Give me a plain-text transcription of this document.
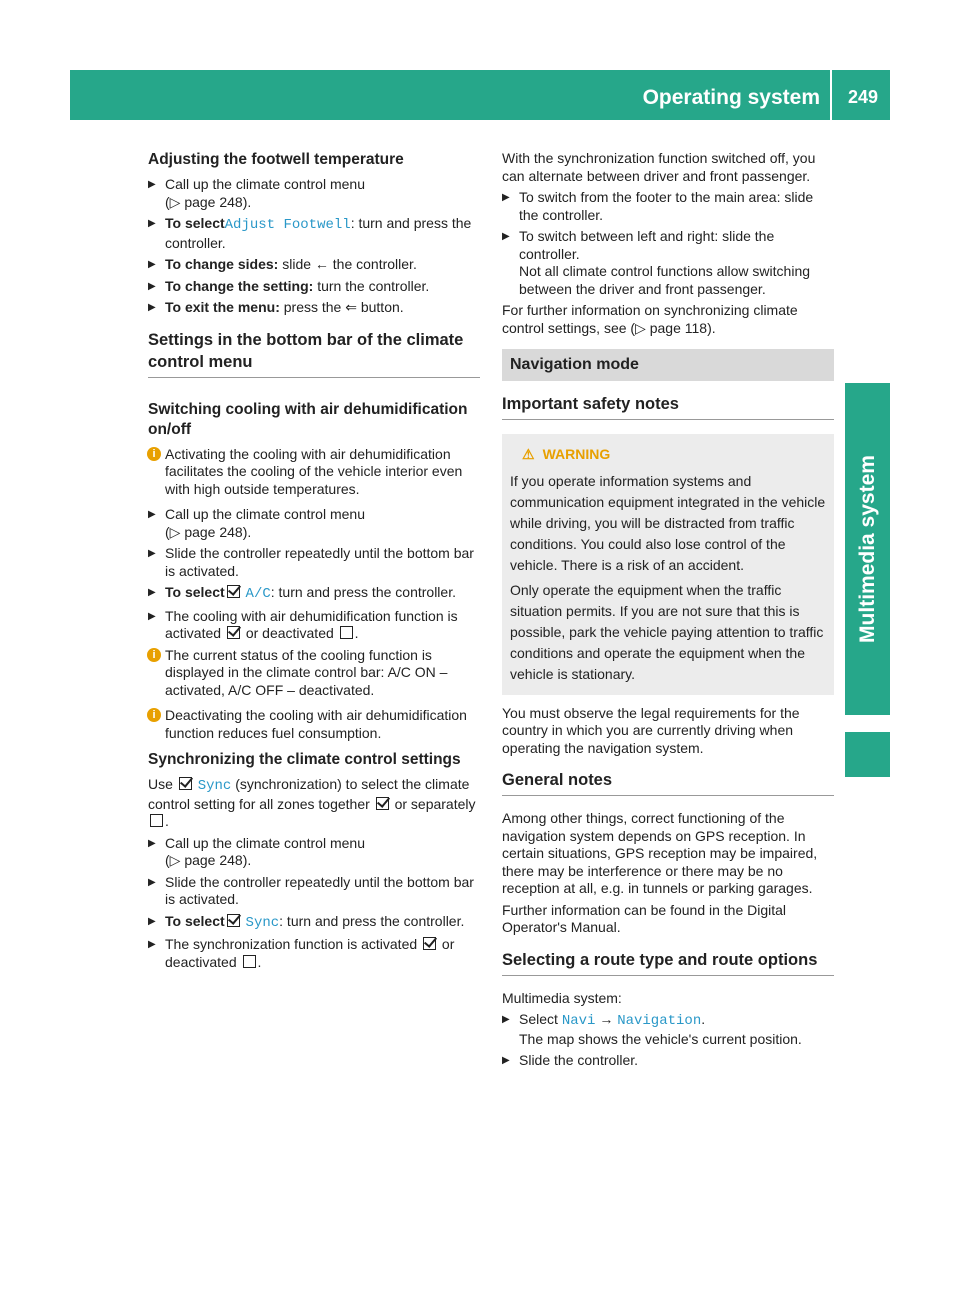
Operating system 249
Multimedia system
Adjusting the footwell temperature
▶ Call up the climate control menu
(▷ page 248).
▶ To selectAdjust Footwell: turn and press the controller.
▶ To change sides: slide ← the controller.
▶ To change the setting: turn the controller.
▶ To exit the menu: press the ⇐ button.
Settings in the bottom bar of the climate control menu
Switching cooling with air dehumidification on/off
i Activating the cooling with air dehumidification facilitates the cooling of the vehicle interior even with high outside temperatures.
▶ Call up the climate control menu
(▷ page 248).
▶ Slide the controller repeatedly until the bottom bar is activated.
▶ To select A/C: turn and press the controller.
▶ The cooling with air dehumidification function is activated or deactivated .
i The current status of the cooling function is displayed in the climate control bar: A/C ON – activated, A/C OFF – deactivated.
i Deactivating the cooling with air dehumidification function reduces fuel consumption.
Synchronizing the climate control settings

Use Sync (synchronization) to select the climate control setting for all zones together or separately .

▶ Call up the climate control menu
(▷ page 248).
▶ Slide the controller repeatedly until the bottom bar is activated.
▶ To select Sync: turn and press the controller.
▶ The synchronization function is activated or deactivated .

With the synchronization function switched off, you can alternate between driver and front passenger.

▶ To switch from the footer to the main area: slide the controller.
▶ To switch between left and right: slide the controller.
Not all climate control functions allow switching between the driver and front passenger.

For further information on synchronizing climate control settings, see (▷ page 118).

Navigation mode
Important safety notes
⚠ WARNING

If you operate information systems and communication equipment integrated in the vehicle while driving, you will be distracted from traffic conditions. You could also lose control of the vehicle. There is a risk of an accident.

Only operate the equipment when the traffic situation permits. If you are not sure that this is possible, park the vehicle paying attention to traffic conditions and operate the equipment when the vehicle is stationary.

You must observe the legal requirements for the country in which you are currently driving when operating the navigation system.

General notes

Among other things, correct functioning of the navigation system depends on GPS reception. In certain situations, GPS reception may be impaired, there may be interference or there may be no reception at all, e.g. in tunnels or parking garages.

Further information can be found in the Digital Operator's Manual.

Selecting a route type and route options

Multimedia system:

▶ Select Navi → Navigation.
The map shows the vehicle's current position.
▶ Slide the controller.
